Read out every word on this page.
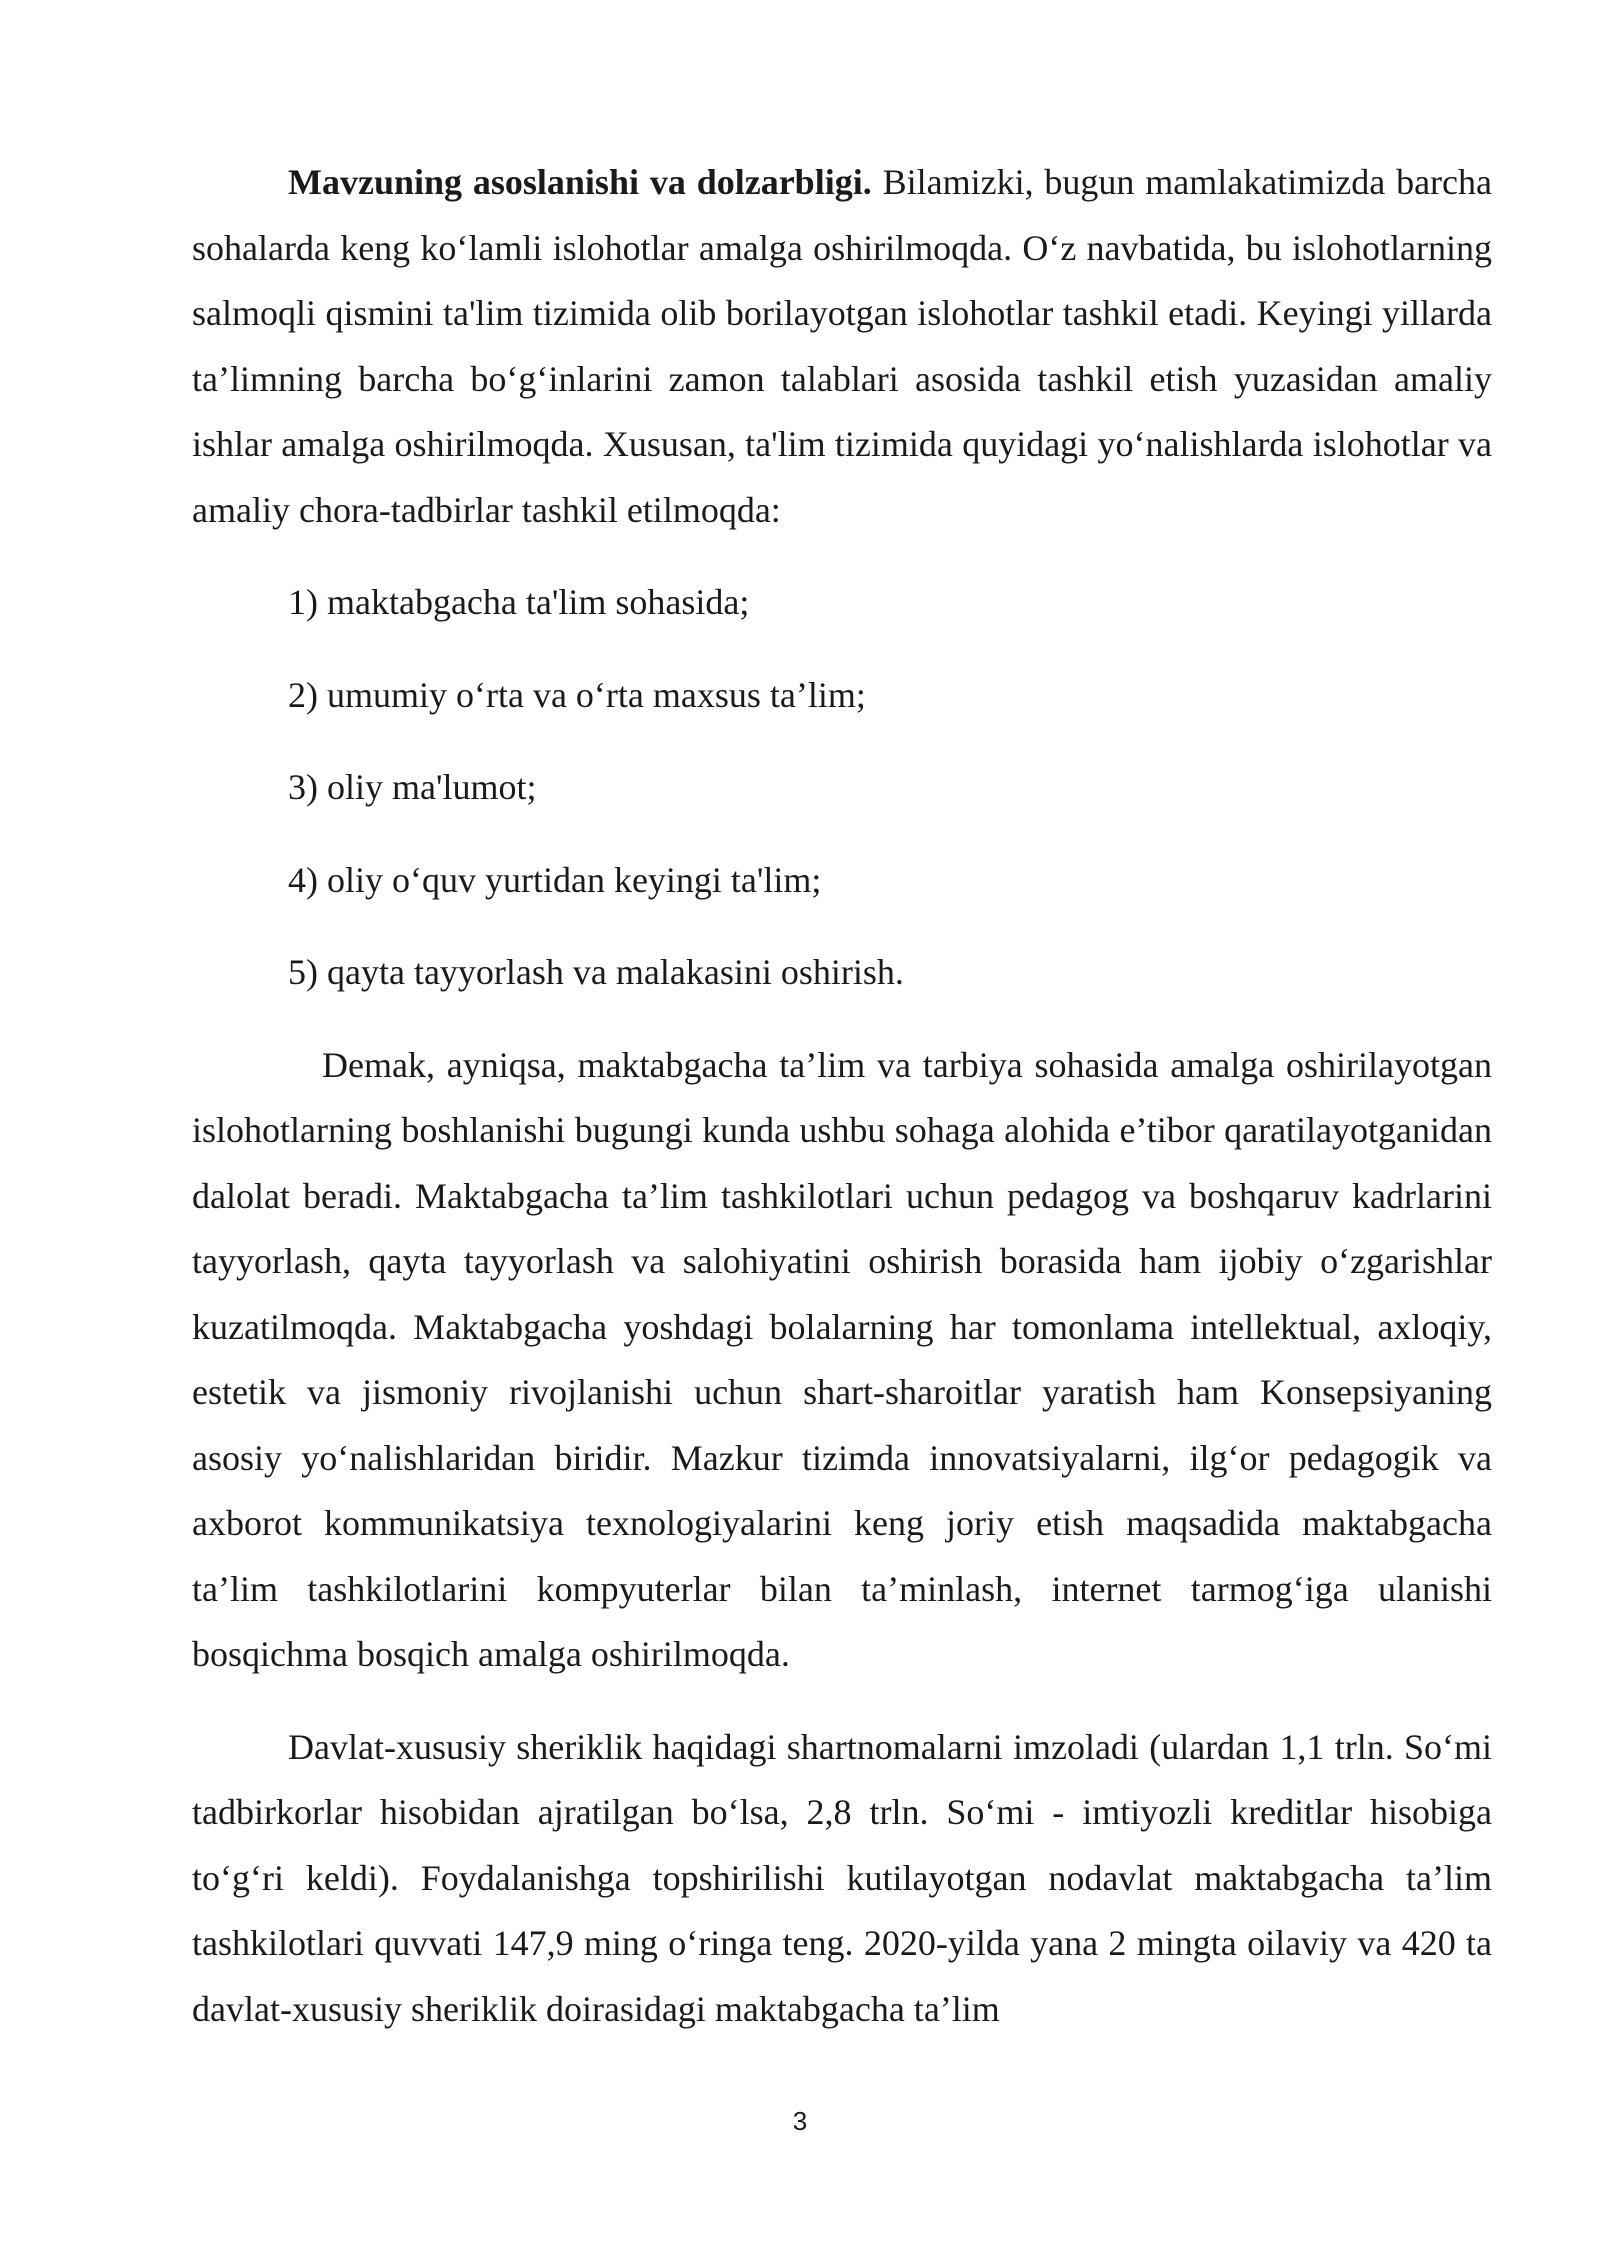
Mavzuning asoslanishi va dolzarbligi. Bilamizki, bugun mamlakatimizda barcha sohalarda keng ko‘lamli islohotlar amalga oshirilmoqda. O‘z navbatida, bu islohotlarning salmoqli qismini ta'lim tizimida olib borilayotgan islohotlar tashkil etadi. Keyingi yillarda ta’limning barcha bo‘g‘inlarini zamon talablari asosida tashkil etish yuzasidan amaliy ishlar amalga oshirilmoqda. Xususan, ta'lim tizimida quyidagi yo‘nalishlarda islohotlar va amaliy chora-tadbirlar tashkil etilmoqda:

1) maktabgacha ta'lim sohasida;
2) umumiy o‘rta va o‘rta maxsus ta’lim;
3) oliy ma'lumot;
4) oliy o‘quv yurtidan keyingi ta'lim;
5) qayta tayyorlash va malakasini oshirish.

Demak, ayniqsa, maktabgacha ta’lim va tarbiya sohasida amalga oshirilayotgan islohotlarning boshlanishi bugungi kunda ushbu sohaga alohida e’tibor qaratilayotganidan dalolat beradi. Maktabgacha ta’lim tashkilotlari uchun pedagog va boshqaruv kadrlarini tayyorlash, qayta tayyorlash va salohiyatini oshirish borasida ham ijobiy o‘zgarishlar kuzatilmoqda. Maktabgacha yoshdagi bolalarning har tomonlama intellektual, axloqiy, estetik va jismoniy rivojlanishi uchun shart-sharoitlar yaratish ham Konsepsiyaning asosiy yo‘nalishlaridan biridir. Mazkur tizimda innovatsiyalarni, ilg‘or pedagogik va axborot kommunikatsiya texnologiyalarini keng joriy etish maqsadida maktabgacha ta’lim tashkilotlarini kompyuterlar bilan ta’minlash, internet tarmog‘iga ulanishi bosqichma bosqich amalga oshirilmoqda.

Davlat-xususiy sheriklik haqidagi shartnomalarni imzoladi (ulardan 1,1 trln. So‘mi tadbirkorlar hisobidan ajratilgan bo‘lsa, 2,8 trln. So‘mi - imtiyozli kreditlar hisobiga to‘g‘ri keldi). Foydalanishga topshirilishi kutilayotgan nodavlat maktabgacha ta’lim tashkilotlari quvvati 147,9 ming o‘ringa teng. 2020-yilda yana 2 mingta oilaviy va 420 ta davlat-xususiy sheriklik doirasidagi maktabgacha ta’lim

3
